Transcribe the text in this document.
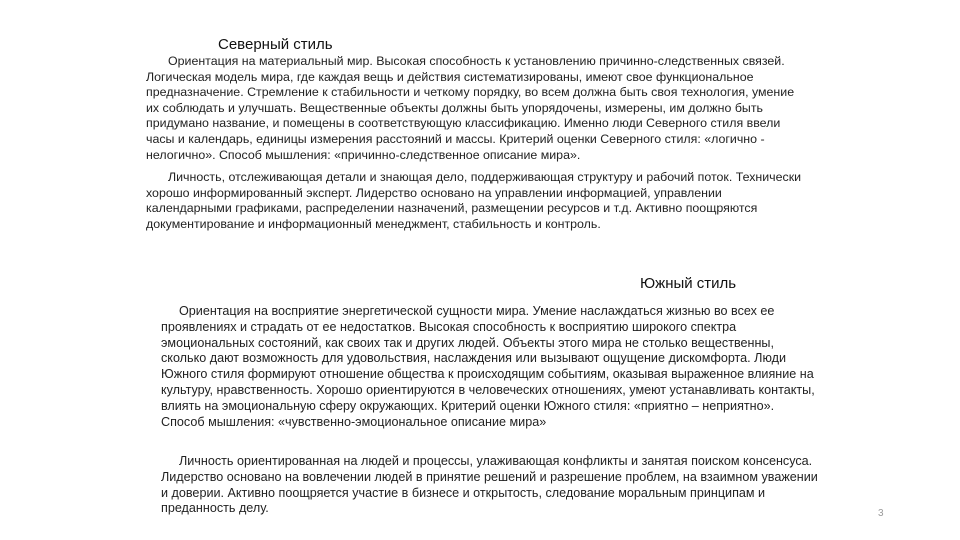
Северный стиль
Ориентация на материальный мир. Высокая способность к установлению причинно-следственных связей. Логическая модель мира, где каждая вещь и действия систематизированы, имеют свое функциональное предназначение. Стремление к стабильности и четкому порядку, во всем должна быть своя технология, умение их соблюдать и улучшать. Вещественные объекты должны быть упорядочены, измерены, им должно быть придумано название, и помещены в соответствующую классификацию. Именно люди Северного стиля ввели часы и календарь, единицы измерения расстояний и массы. Критерий оценки Северного стиля: «логично - нелогично». Способ мышления: «причинно-следственное описание мира».
Личность, отслеживающая детали и знающая дело, поддерживающая структуру и рабочий поток. Технически хорошо информированный эксперт. Лидерство основано на управлении информацией, управлении календарными графиками, распределении назначений, размещении ресурсов и т.д. Активно поощряются документирование и информационный менеджмент, стабильность и контроль.
Южный стиль
Ориентация на восприятие энергетической сущности мира. Умение наслаждаться жизнью во всех ее проявлениях и страдать от ее недостатков. Высокая способность к восприятию широкого спектра эмоциональных состояний, как своих так и других людей. Объекты этого мира не столько вещественны, сколько дают возможность для удовольствия, наслаждения или вызывают ощущение дискомфорта. Люди Южного стиля формируют отношение общества к происходящим событиям, оказывая выраженное влияние на культуру, нравственность. Хорошо ориентируются в человеческих отношениях, умеют устанавливать контакты, влиять на эмоциональную сферу окружающих. Критерий оценки Южного стиля: «приятно – неприятно». Способ мышления: «чувственно-эмоциональное описание мира»
Личность ориентированная на людей и процессы, улаживающая конфликты и занятая поиском консенсуса. Лидерство основано на вовлечении людей в принятие решений и разрешение проблем, на взаимном уважении и доверии. Активно поощряется участие в бизнесе и открытость, следование моральным принципам и преданность делу.	3
